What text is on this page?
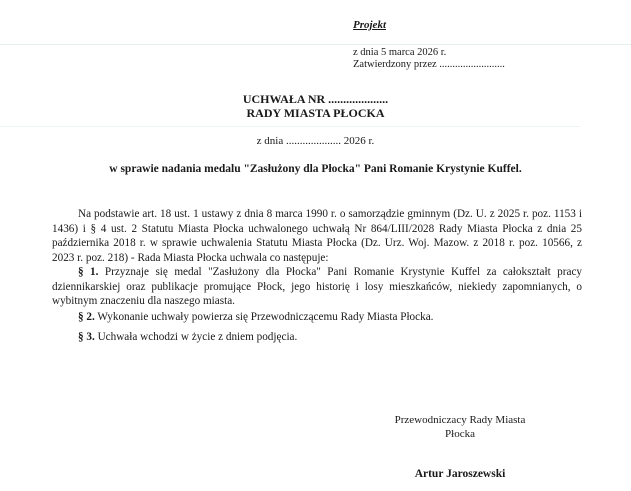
Projekt
z dnia 5 marca 2026 r.
Zatwierdzony przez .........................
UCHWAŁA NR ....................
RADY MIASTA PŁOCKA
z dnia .................... 2026 r.
w sprawie nadania medalu "Zasłużony dla Płocka" Pani Romanie Krystynie Kuffel.
Na podstawie art. 18 ust. 1 ustawy z dnia 8 marca 1990 r. o samorządzie gminnym (Dz. U. z 2025 r. poz. 1153 i 1436) i § 4 ust. 2 Statutu Miasta Płocka uchwalonego uchwałą Nr 864/LIII/2028 Rady Miasta Płocka z dnia 25 października 2018 r. w sprawie uchwalenia Statutu Miasta Płocka (Dz. Urz. Woj. Mazow. z 2018 r. poz. 10566, z 2023 r. poz. 218) - Rada Miasta Płocka uchwala co następuje:
§ 1. Przyznaje się medal "Zasłużony dla Płocka" Pani Romanie Krystynie Kuffel za całokształt pracy dziennikarskiej oraz publikacje promujące Płock, jego historię i losy mieszkańców, niekiedy zapomnianych, o wybitnym znaczeniu dla naszego miasta.
§ 2. Wykonanie uchwały powierza się Przewodniczącemu Rady Miasta Płocka.
§ 3. Uchwała wchodzi w życie z dniem podjęcia.
Przewodniczacy Rady Miasta
Płocka
Artur Jaroszewski
